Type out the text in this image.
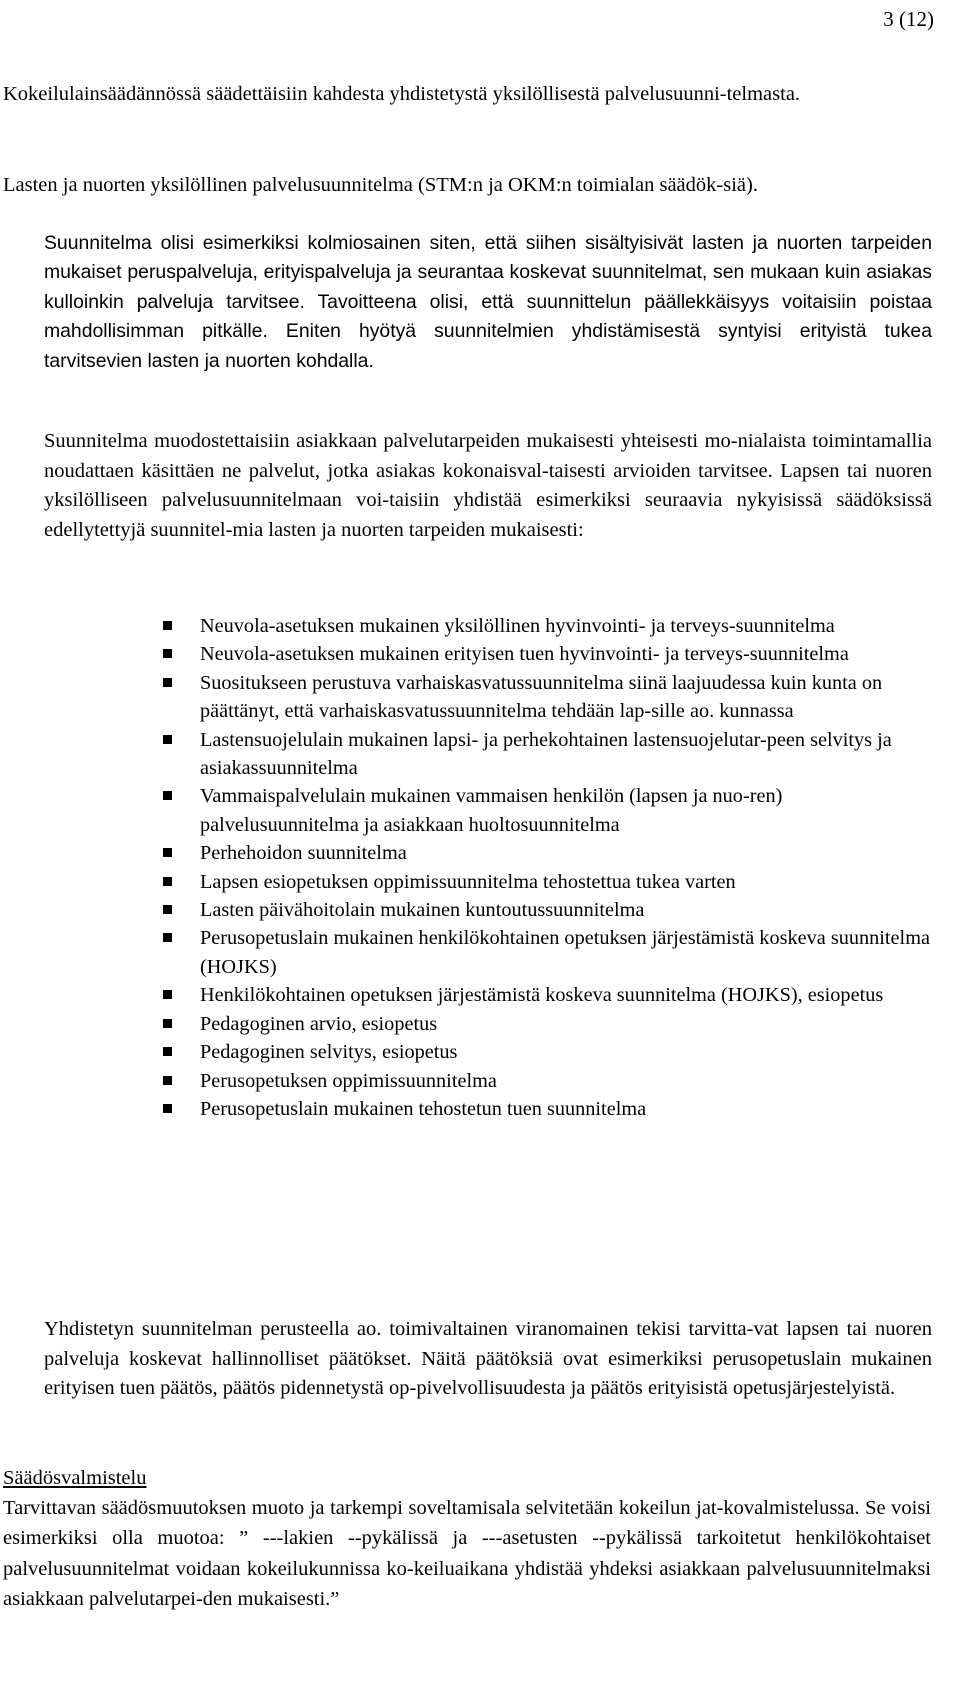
3 (12)
Kokeilulainsäädännössä säädettäisiin kahdesta yhdistetystä yksilöllisestä palvelusuunni-telmasta.
Lasten ja nuorten yksilöllinen palvelusuunnitelma (STM:n ja OKM:n toimialan säädök-siä).
Suunnitelma olisi esimerkiksi kolmiosainen siten, että siihen sisältyisivät lasten ja nuorten tarpeiden mukaiset peruspalveluja, erityispalveluja ja seurantaa koskevat suunnitelmat, sen mukaan kuin asiakas kulloinkin palveluja tarvitsee. Tavoitteena olisi, että suunnittelun päällekkäisyys voitaisiin poistaa mahdollisimman pitkälle. Eniten hyötyä suunnitelmien yhdistämisestä syntyisi erityistä tukea tarvitsevien lasten ja nuorten kohdalla.
Suunnitelma muodostettaisiin asiakkaan palvelutarpeiden mukaisesti yhteisesti mo-nialaista toimintamallia noudattaen käsittäen ne palvelut, jotka asiakas kokonaisval-taisesti arvioiden tarvitsee. Lapsen tai nuoren yksilölliseen palvelusuunnitelmaan voi-taisiin yhdistää esimerkiksi seuraavia nykyisissä säädöksissä edellytettyjä suunnitel-mia lasten ja nuorten tarpeiden mukaisesti:
Neuvola-asetuksen mukainen yksilöllinen hyvinvointi- ja terveys-suunnitelma
Neuvola-asetuksen mukainen erityisen tuen hyvinvointi- ja terveys-suunnitelma
Suositukseen perustuva varhaiskasvatussuunnitelma siinä laajuudessa kuin kunta on päättänyt, että varhaiskasvatussuunnitelma tehdään lap-sille ao. kunnassa
Lastensuojelulain mukainen lapsi- ja perhekohtainen lastensuojelutar-peen selvitys ja asiakassuunnitelma
Vammaispalvelulain mukainen vammaisen henkilön (lapsen ja nuo-ren) palvelusuunnitelma ja asiakkaan huoltosuunnitelma
Perhehoidon suunnitelma
Lapsen esiopetuksen oppimissuunnitelma tehostettua tukea varten
Lasten päivähoitolain mukainen kuntoutussuunnitelma
Perusopetuslain mukainen henkilökohtainen opetuksen järjestämistä koskeva suunnitelma (HOJKS)
Henkilökohtainen opetuksen järjestämistä koskeva suunnitelma (HOJKS), esiopetus
Pedagoginen arvio, esiopetus
Pedagoginen selvitys, esiopetus
Perusopetuksen oppimissuunnitelma
Perusopetuslain mukainen tehostetun tuen suunnitelma
Yhdistetyn suunnitelman perusteella ao. toimivaltainen viranomainen tekisi tarvitta-vat lapsen tai nuoren palveluja koskevat hallinnolliset päätökset. Näitä päätöksiä ovat esimerkiksi perusopetuslain mukainen erityisen tuen päätös, päätös pidennetystä op-pivelvollisuudesta ja päätös erityisistä opetusjärjestelyistä.
Säädösvalmistelu
Tarvittavan säädösmuutoksen muoto ja tarkempi soveltamisala selvitetään kokeilun jat-kovalmistelussa. Se voisi esimerkiksi olla muotoa: ” ---lakien --pykälissä ja ---asetusten --pykälissä tarkoitetut henkilökohtaiset palvelusuunnitelmat voidaan kokeilukunnissa ko-keiluaikana yhdistää yhdeksi asiakkaan palvelusuunnitelmaksi asiakkaan palvelutarpei-den mukaisesti.”
